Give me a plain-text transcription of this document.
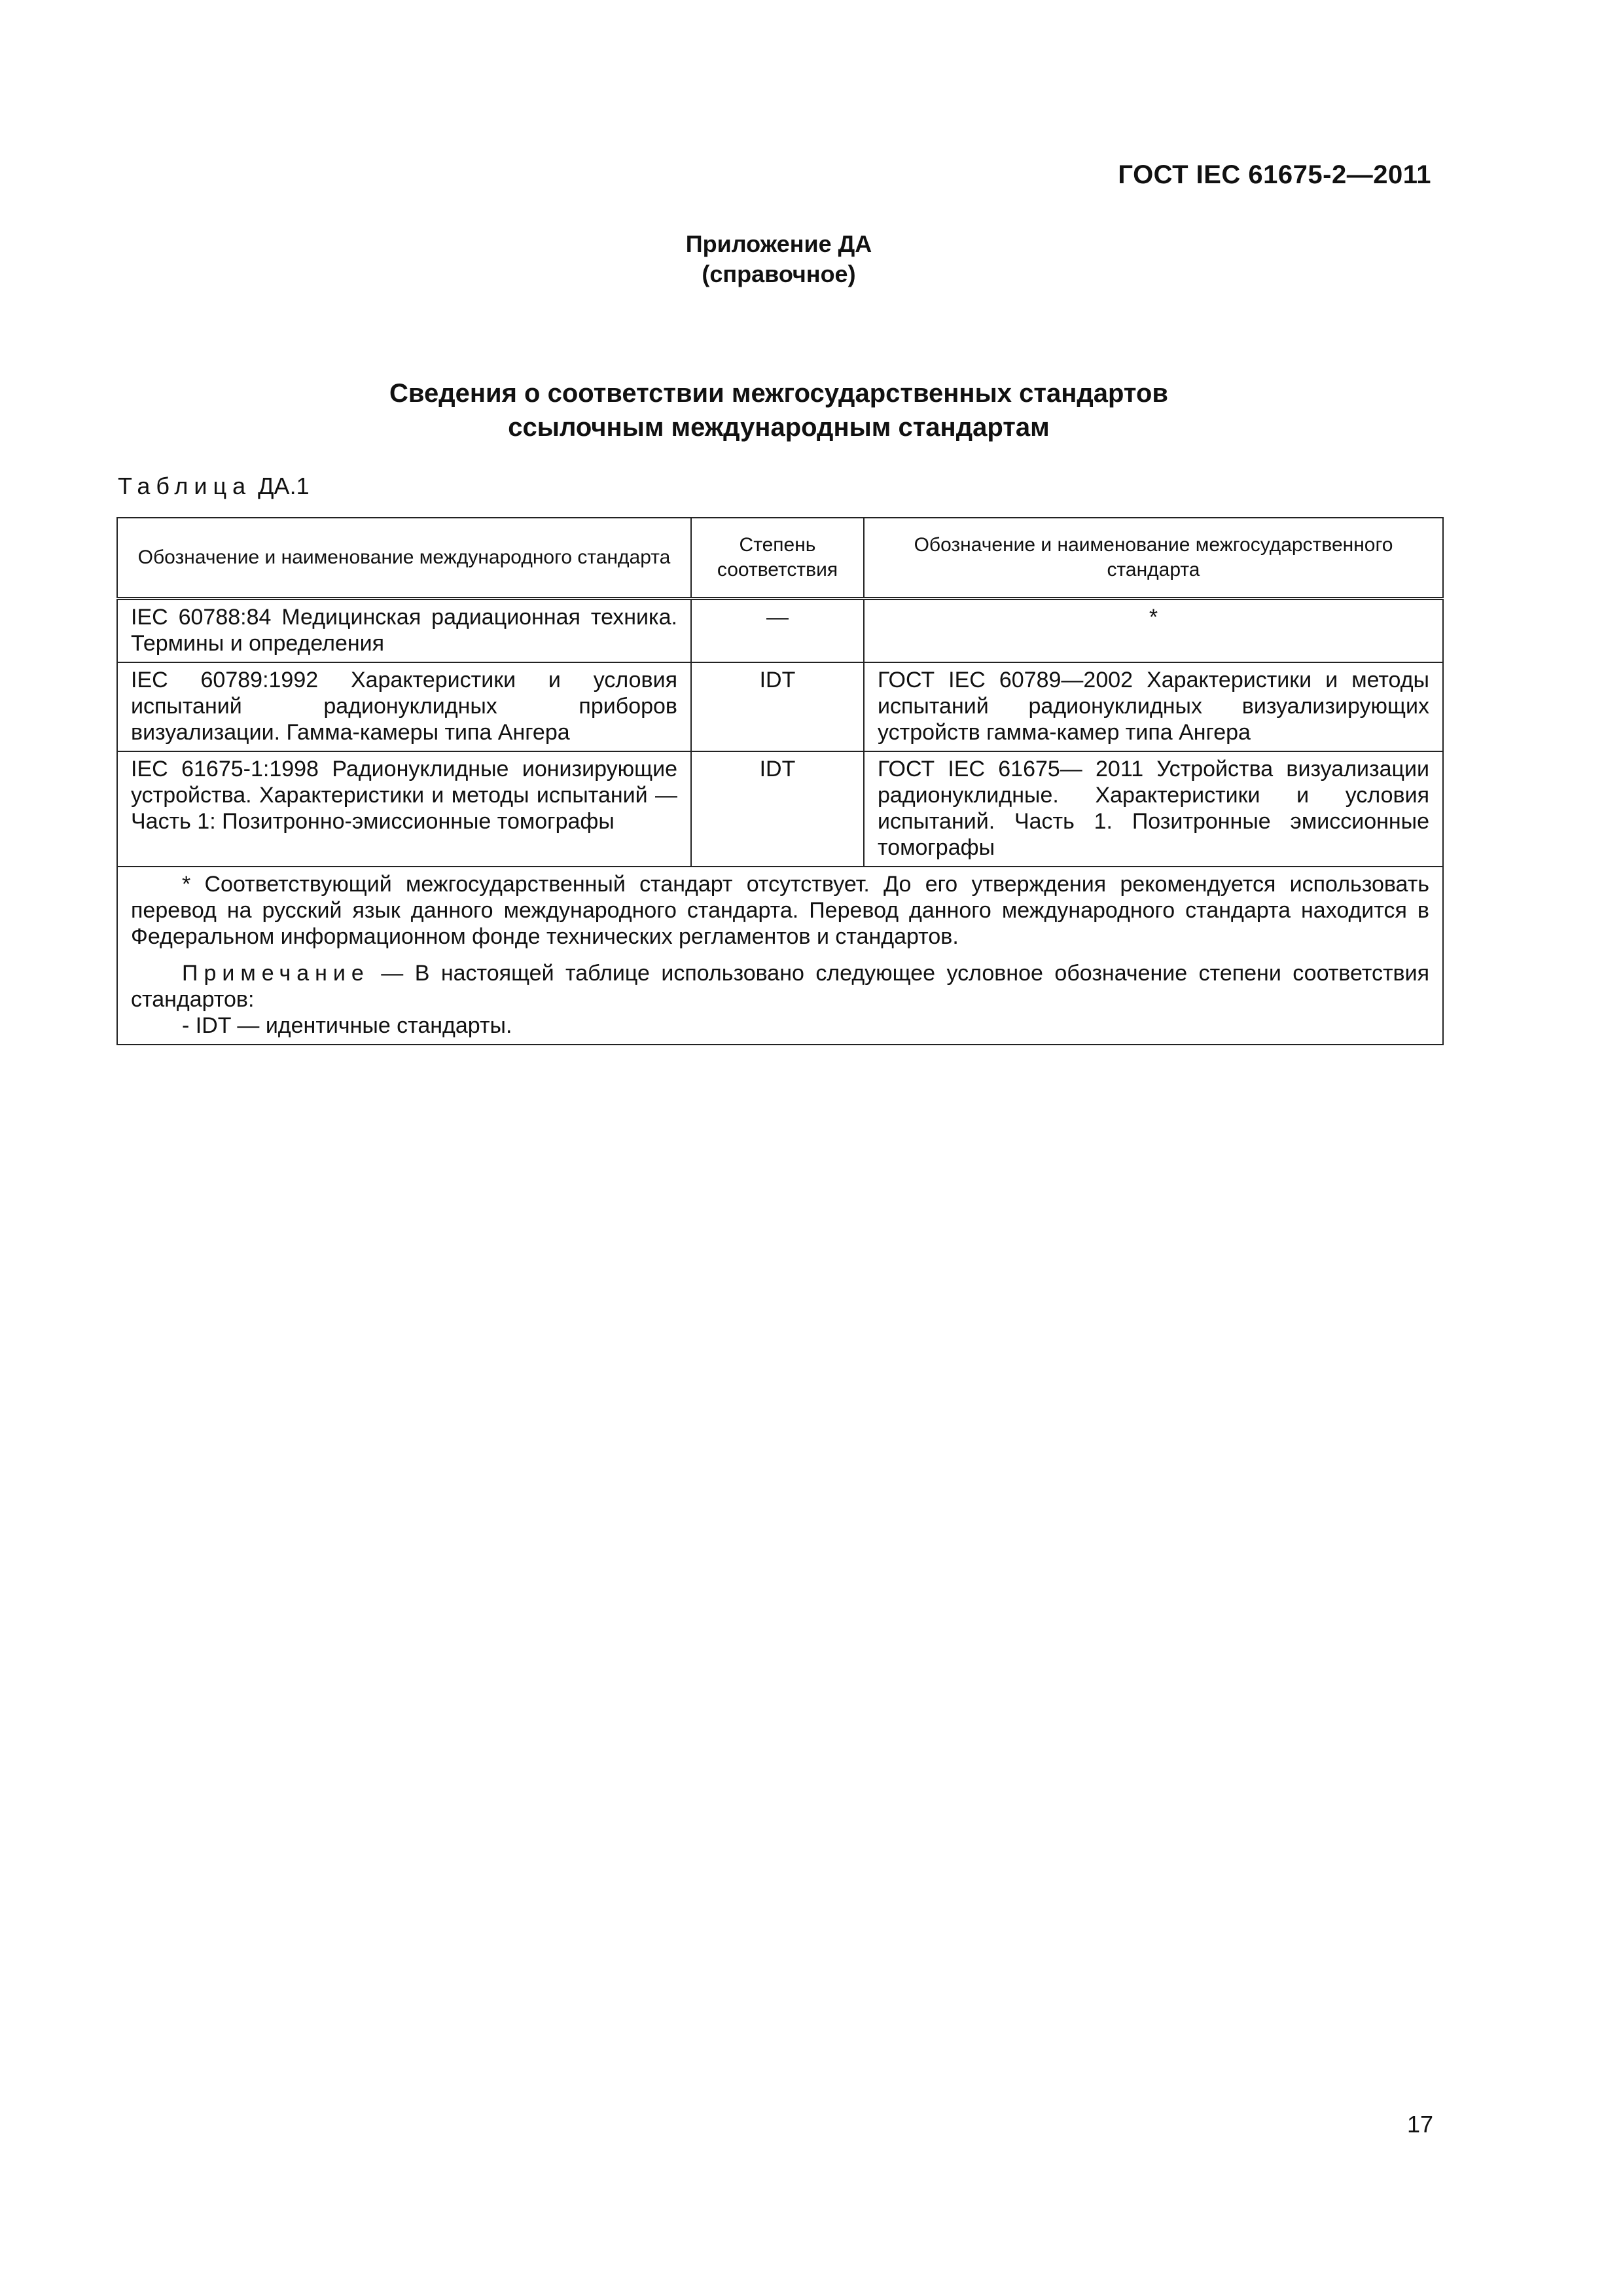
ГОСТ IEC 61675-2—2011
Приложение ДА
(справочное)
Сведения о соответствии межгосударственных стандартов
ссылочным международным стандартам
Таблица ДА.1
Обозначение и наименование международного стандарта	Степень соответствия	Обозначение и наименование межгосударственного стандарта
IEC 60788:84 Медицинская радиационная техника. Термины и определения	—	*
IEC 60789:1992 Характеристики и условия испытаний радионуклидных приборов визуализации. Гамма-камеры типа Ангера	IDT	ГОСТ IEC 60789—2002 Характеристики и методы испытаний радионуклидных визуализирующих устройств гамма-камер типа Ангера
IEC 61675-1:1998 Радионуклидные ионизирующие устройства. Характеристики и методы испытаний — Часть 1: Позитронно-эмиссионные томографы	IDT	ГОСТ IEC 61675— 2011 Устройства визуализации радионуклидные. Характеристики и условия испытаний. Часть 1. Позитронные эмиссионные томографы

* Соответствующий межгосударственный стандарт отсутствует. До его утверждения рекомендуется использовать перевод на русский язык данного международного стандарта. Перевод данного международного стандарта находится в Федеральном информационном фонде технических регламентов и стандартов.

Примечание — В настоящей таблице использовано следующее условное обозначение степени соответствия стандартов:

- IDT — идентичные стандарты.		

17
